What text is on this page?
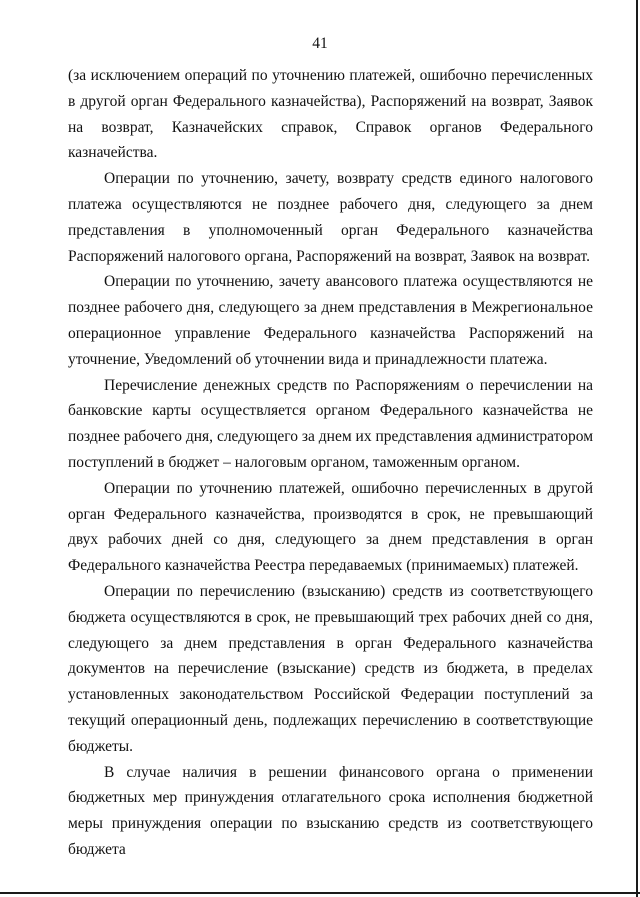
41

(за исключением операций по уточнению платежей, ошибочно перечисленных в другой орган Федерального казначейства), Распоряжений на возврат, Заявок на возврат, Казначейских справок, Справок органов Федерального казначейства.

Операции по уточнению, зачету, возврату средств единого налогового платежа осуществляются не позднее рабочего дня, следующего за днем представления в уполномоченный орган Федерального казначейства Распоряжений налогового органа, Распоряжений на возврат, Заявок на возврат.

Операции по уточнению, зачету авансового платежа осуществляются не позднее рабочего дня, следующего за днем представления в Межрегиональное операционное управление Федерального казначейства Распоряжений на уточнение, Уведомлений об уточнении вида и принадлежности платежа.

Перечисление денежных средств по Распоряжениям о перечислении на банковские карты осуществляется органом Федерального казначейства не позднее рабочего дня, следующего за днем их представления администратором поступлений в бюджет – налоговым органом, таможенным органом.

Операции по уточнению платежей, ошибочно перечисленных в другой орган Федерального казначейства, производятся в срок, не превышающий двух рабочих дней со дня, следующего за днем представления в орган Федерального казначейства Реестра передаваемых (принимаемых) платежей.

Операции по перечислению (взысканию) средств из соответствующего бюджета осуществляются в срок, не превышающий трех рабочих дней со дня, следующего за днем представления в орган Федерального казначейства документов на перечисление (взыскание) средств из бюджета, в пределах установленных законодательством Российской Федерации поступлений за текущий операционный день, подлежащих перечислению в соответствующие бюджеты.

В случае наличия в решении финансового органа о применении бюджетных мер принуждения отлагательного срока исполнения бюджетной меры принуждения операции по взысканию средств из соответствующего бюджета
